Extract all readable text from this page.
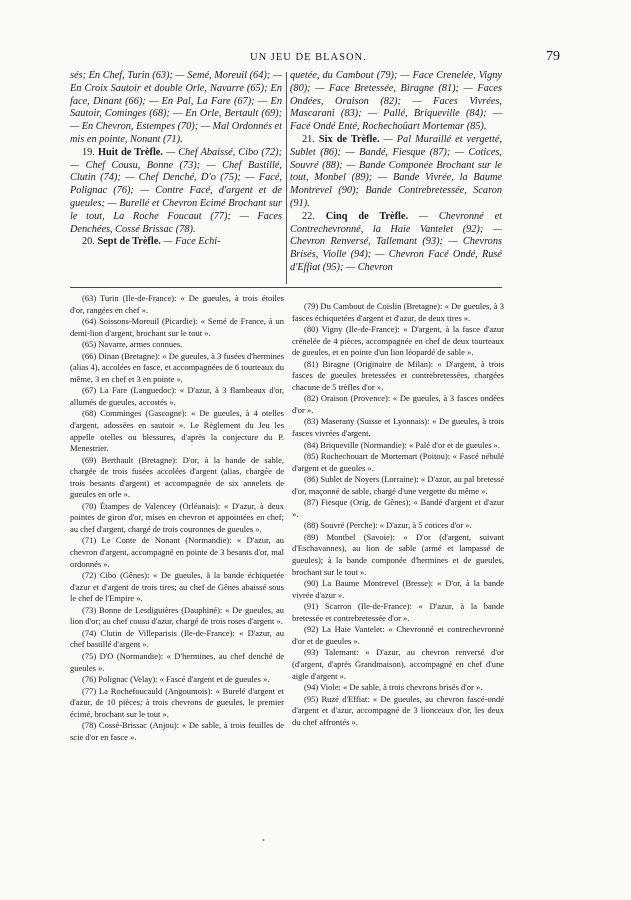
UN JEU DE BLASON.	79

sés; En Chef, Turin (63); — Semé, Moreuil (64); — En Croix Sautoir et double Orle, Navarre (65); En face, Dinant (66); — En Pal, La Fare (67); — En Sautoir, Cominges (68); — En Orle, Bertault (69); — En Chevron, Estempes (70); — Mal Ordonnés et mis en pointe, Nonant (71).

19. Huit de Trèfle. — Chef Abaissé, Cibo (72); — Chef Cousu, Bonne (73); — Chef Bastillé, Clutin (74); — Chef Denché, D'o (75); — Facé, Polignac (76); — Contre Facé, d'argent et de gueules; — Burellé et Chevron Ecimé Brochant sur le tout, La Roche Foucaut (77); — Faces Denchées, Cossé Brissac (78).

20. Sept de Trèfle. — Face Echi-

quetée, du Cambout (79); — Face Crenelée, Vigny (80); — Face Bretessée, Biragne (81); — Faces Ondées, Oraison (82); — Faces Vivrées, Mascarani (83); — Pallé, Briqueville (84); — Facé Ondé Enté, Rochechoüart Mortemar (85).

21. Six de Trèfle. — Pal Muraillé et vergetté, Sublet (86); — Bandé, Fiesque (87); — Cotices, Souvré (88); — Bande Componée Brochant sur le tout, Monbel (89); — Bande Vivrée, la Baume Montrevel (90); Bande Contrebretessée, Scaron (91).

22. Cinq de Trèfle. — Chevronné et Contrechevronné, la Haie Vantelet (92); — Chevron Renversé, Tallemant (93); — Chevrons Brisés, Violle (94); — Chevron Facé Ondé, Rusé d'Effiat (95); — Chevron

(63) Turin (Ile-de-France): « De gueules, à trois étoiles d'or, rangées en chef ».

(64) Soissons-Moreuil (Picardie): « Semé de France, à un demi-lion d'argent, brochant sur le tout ».

(65) Navarre, armes connues.

(66) Dinan (Bretagne): « De gueules, à 3 fusées d'hermines (alias 4), accolées en fasce, et accompagnées de 6 tourteaux du même, 3 en chef et 3 en pointe ».

(67) La Fare (Languedoc): « D'azur, à 3 flambeaux d'or, allumés de gueules, accostés ».

(68) Comminges (Gascogne): « De gueules, à 4 otelles d'argent, adossées en sautoir ». Le Règlement du Jeu les appelle otelles ou blessures, d'après la conjecture du P. Menestrier.

(69) Berthault (Bretagne): D'or, à la bande de sable, chargée de trois fusées accolées d'argent (alias, chargée de trois besants d'argent) et accompagnée de six annelets de gueules en orle ».

(70) Étampes de Valencey (Orléanais): « D'azur, à deux pointes de giron d'or, mises en chevron et appointées en chef; au chef d'argent, chargé de trois couronnes de gueules ».

(71) Le Conte de Nonant (Normandie): « D'azur, au chevron d'argent, accompagné en pointe de 3 besants d'or, mal ordonnés ».

(72) Cibo (Gênes): « De gueules, à la bande échiquetée d'azur et d'argent de trois tires; au chef de Gênes abaissé sous le chef de l'Empire ».

(73) Bonne de Lesdiguières (Dauphiné): « De gueules, au lion d'or; au chef cousu d'azur, chargé de trois roses d'argent ».

(74) Clutin de Villeparisis (Ile-de-France): « D'azur, au chef bastillé d'argent ».

(75) D'O (Normandie): « D'hermines, au chef denché de gueules ».

(76) Polignac (Velay): « Fascé d'argent et de gueules ».

(77) La Rochefoucauld (Angoumois): « Burelé d'argent et d'azur, de 10 pièces; à trois chevrons de gueules, le premier écimé, brochant sur le tout ».

(78) Cossé-Brissac (Anjou): « De sable, à trois feuilles de scie d'or en fasce ».

(79) Du Cambout de Coislin (Bretagne): « De gueules, à 3 fasces échiquetées d'argent et d'azur, de deux tires ».

(80) Vigny (Ile-de-France): « D'argent, à la fasce d'azur crénelée de 4 pièces, accompagnée en chef de deux tourteaux de gueules, et en pointe d'un lion léopardé de sable ».

(81) Biragne (Originaire de Milan): « D'argent, à trois fasces de gueules bretessées et contrebretessées, chargées chacune de 5 trèfles d'or ».

(82) Oraison (Provence): « De gueules, à 3 fasces ondées d'or ».

(83) Maserany (Suisse et Lyonnais): « De gueules, à trois fasces vivrées d'argent.

(84) Briqueville (Normandie): « Palé d'or et de gueules ».

(85) Rochechouart de Mortemart (Poitou): « Fascé nébulé d'argent et de gueules ».

(86) Sublet de Noyers (Lorraine): « D'azur, au pal bretessé d'or, maçonné de sable, chargé d'une vergette du même ».

(87) Fiesque (Orig. de Gênes): « Bandé d'argent et d'azur ».

(88) Souvré (Perche): « D'azur, à 5 cotices d'or ».

(89) Montbel (Savoie): « D'or (d'argent, suivant d'Eschavannes), au lion de sable (armé et lampassé de gueules); à la bande componée d'hermines et de gueules, brochant sur le tout ».

(90) La Baume Montrevel (Bresse): « D'or, à la bande vivrée d'azur ».

(91) Scarron (Ile-de-France): « D'azur, à la bande bretessée et contrebretessée d'or ».

(92) La Haie Vantelet: « Chevronné et contrechevronné d'or et de gueules ».

(93) Talemant: « D'azur, au chevron renversé d'or (d'argent, d'après Grandmaison), accompagné en chef d'une aigle d'argent ».

(94) Viole: « De sable, à trois chevrons brisés d'or ».

(95) Ruzé d'Effiat: « De gueules, au chevron fascé-ondé d'argent et d'azur, accompagné de 3 lionceaux d'or, les deux du chef affrontés ».

•
